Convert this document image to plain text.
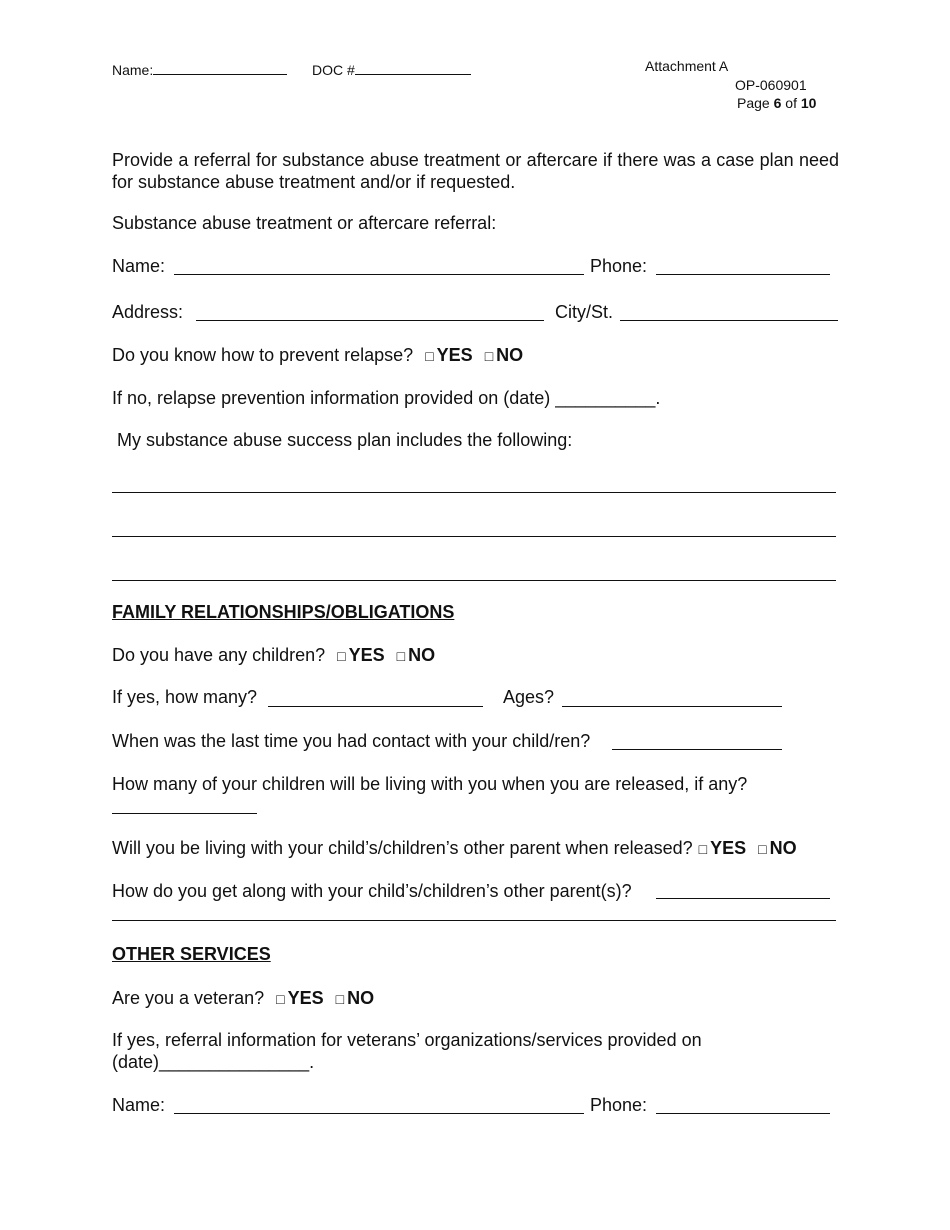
Name:	DOC #	Attachment A
OP-060901
Page 6 of 10
Provide a referral for substance abuse treatment or aftercare if there was a case plan need for substance abuse treatment and/or if requested.
Substance abuse treatment or aftercare referral:
Name:	Phone:
Address:	City/St.
Do you know how to prevent relapse? □ YES □ NO
If no, relapse prevention information provided on (date) __________.
My substance abuse success plan includes the following:
FAMILY RELATIONSHIPS/OBLIGATIONS
Do you have any children? □ YES □ NO
If yes, how many?	Ages?
When was the last time you had contact with your child/ren?
How many of your children will be living with you when you are released, if any?
Will you be living with your child’s/children’s other parent when released? □ YES □ NO
How do you get along with your child’s/children’s other parent(s)?
OTHER SERVICES
Are you a veteran? □ YES □ NO
If yes, referral information for veterans’ organizations/services provided on
(date)_______________.
Name:	Phone:
